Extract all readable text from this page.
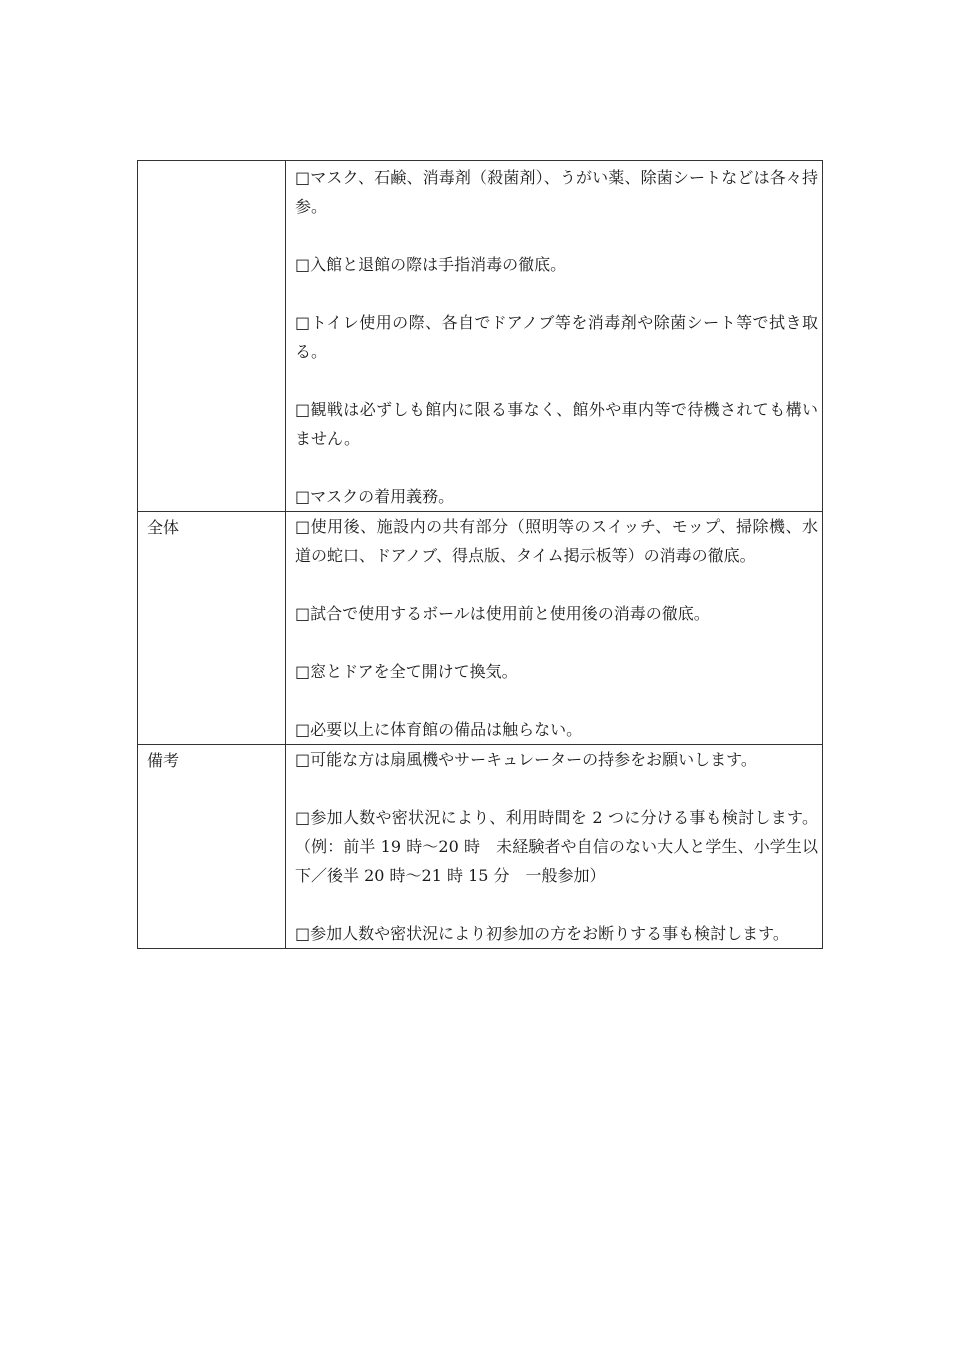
	□マスク、石鹸、消毒剤（殺菌剤）、うがい薬、除菌シートなどは各々持参。

□入館と退館の際は手指消毒の徹底。

□トイレ使用の際、各自でドアノブ等を消毒剤や除菌シート等で拭き取る。

□観戦は必ずしも館内に限る事なく、館外や車内等で待機されても構いません。

□マスクの着用義務。

全体	□使用後、施設内の共有部分（照明等のスイッチ、モップ、掃除機、水道の蛇口、ドアノブ、得点版、タイム掲示板等）の消毒の徹底。

□試合で使用するボールは使用前と使用後の消毒の徹底。

□窓とドアを全て開けて換気。

□必要以上に体育館の備品は触らない。

備考	□可能な方は扇風機やサーキュレーターの持参をお願いします。

□参加人数や密状況により、利用時間を 2 つに分ける事も検討します。（例：前半 19 時～20 時　未経験者や自信のない大人と学生、小学生以下／後半 20 時～21 時 15 分　一般参加）

□参加人数や密状況により初参加の方をお断りする事も検討します。
